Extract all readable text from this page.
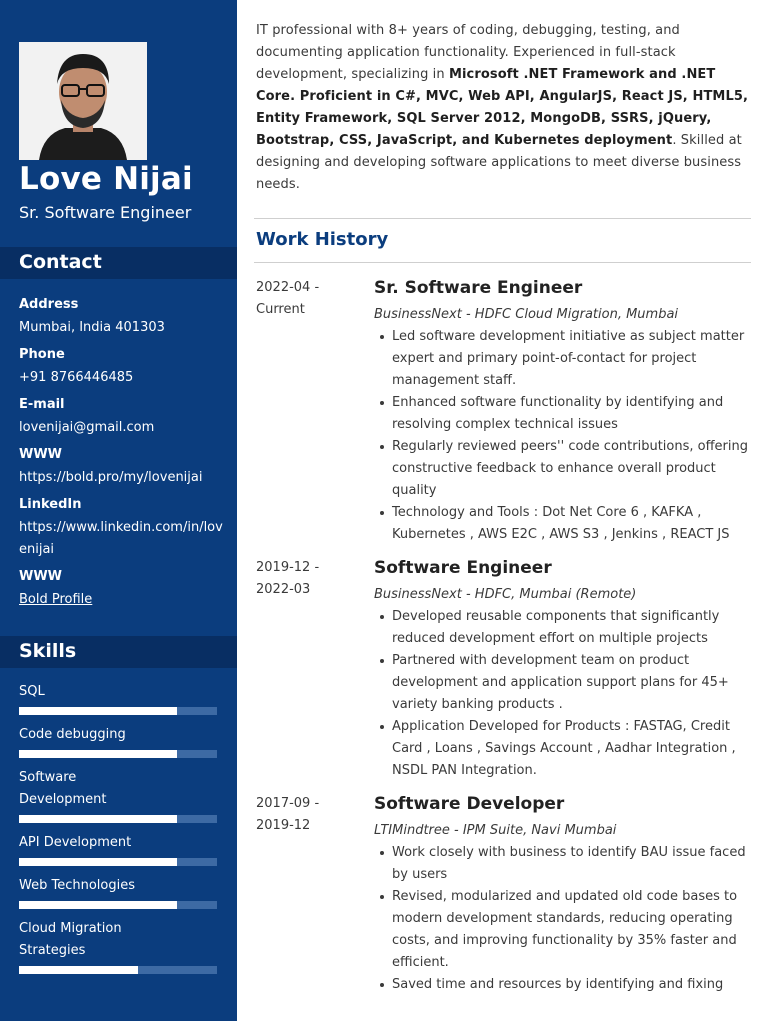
Love Nijai
Sr. Software Engineer
Contact
Address
Mumbai, India 401303
Phone
+91 8766446485
E-mail
lovenijai@gmail.com
WWW
https://bold.pro/my/lovenijai
LinkedIn
https://www.linkedin.com/in/lovenijai
WWW
Bold Profile
Skills
SQL
Code debugging
Software Development
API Development
Web Technologies
Cloud Migration Strategies
IT professional with 8+ years of coding, debugging, testing, and documenting application functionality. Experienced in full-stack development, specializing in Microsoft .NET Framework and .NET Core. Proficient in C#, MVC, Web API, AngularJS, React JS, HTML5, Entity Framework, SQL Server 2012, MongoDB, SSRS, jQuery, Bootstrap, CSS, JavaScript, and Kubernetes deployment. Skilled at designing and developing software applications to meet diverse business needs.
Work History
2022-04 -
Current
Sr. Software Engineer
BusinessNext - HDFC Cloud Migration, Mumbai
Led software development initiative as subject matter expert and primary point-of-contact for project management staff.
Enhanced software functionality by identifying and resolving complex technical issues
Regularly reviewed peers'' code contributions, offering constructive feedback to enhance overall product quality
Technology and Tools : Dot Net Core 6 , KAFKA , Kubernetes , AWS E2C , AWS S3 , Jenkins , REACT JS
2019-12 -
2022-03
Software Engineer
BusinessNext - HDFC, Mumbai (Remote)
Developed reusable components that significantly reduced development effort on multiple projects
Partnered with development team on product development and application support plans for 45+ variety banking products .
Application Developed for Products : FASTAG, Credit Card , Loans , Savings Account , Aadhar Integration , NSDL PAN Integration.
2017-09 -
2019-12
Software Developer
LTIMindtree - IPM Suite, Navi Mumbai
Work closely with business to identify BAU issue faced by users
Revised, modularized and updated old code bases to modern development standards, reducing operating costs, and improving functionality by 35% faster and efficient.
Saved time and resources by identifying and fixing
